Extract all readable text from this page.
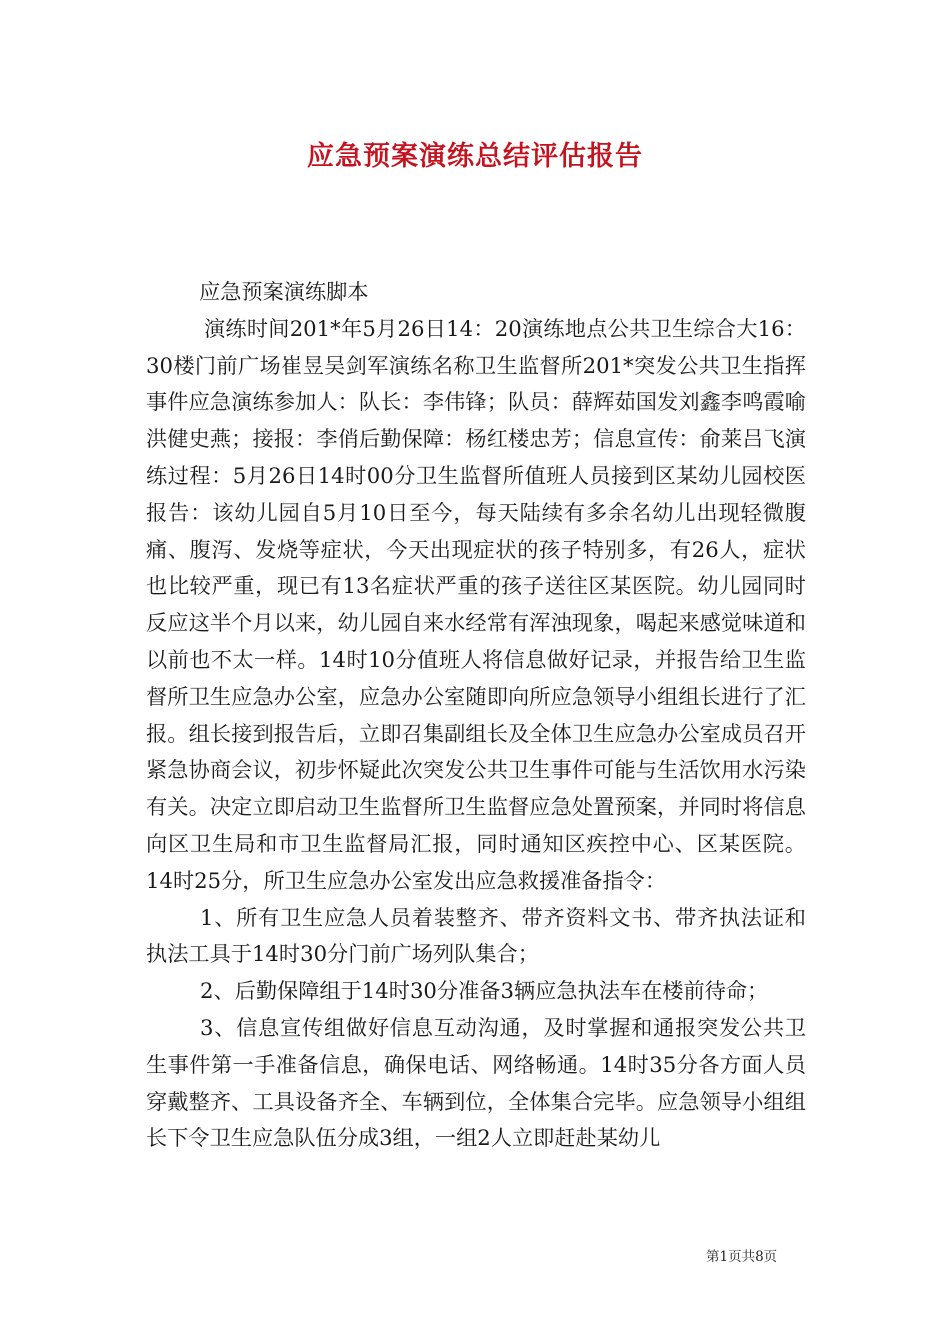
应急预案演练总结评估报告

应急预案演练脚本

演练时间201*年5月26日14：20演练地点公共卫生综合大16：30楼门前广场崔昱吴剑军演练名称卫生监督所201*突发公共卫生指挥事件应急演练参加人：队长：李伟锋；队员：薛辉茹国发刘鑫李鸣霞喻洪健史燕；接报：李俏后勤保障：杨红楼忠芳；信息宣传：俞莱吕飞演练过程：5月26日14时00分卫生监督所值班人员接到区某幼儿园校医报告：该幼儿园自5月10日至今，每天陆续有多余名幼儿出现轻微腹痛、腹泻、发烧等症状，今天出现症状的孩子特别多，有26人，症状也比较严重，现已有13名症状严重的孩子送往区某医院。幼儿园同时反应这半个月以来，幼儿园自来水经常有浑浊现象，喝起来感觉味道和以前也不太一样。14时10分值班人将信息做好记录，并报告给卫生监督所卫生应急办公室，应急办公室随即向所应急领导小组组长进行了汇报。组长接到报告后，立即召集副组长及全体卫生应急办公室成员召开紧急协商会议，初步怀疑此次突发公共卫生事件可能与生活饮用水污染有关。决定立即启动卫生监督所卫生监督应急处置预案，并同时将信息向区卫生局和市卫生监督局汇报，同时通知区疾控中心、区某医院。14时25分，所卫生应急办公室发出应急救援准备指令：

1、所有卫生应急人员着装整齐、带齐资料文书、带齐执法证和执法工具于14时30分门前广场列队集合；

2、后勤保障组于14时30分准备3辆应急执法车在楼前待命；

3、信息宣传组做好信息互动沟通，及时掌握和通报突发公共卫生事件第一手准备信息，确保电话、网络畅通。14时35分各方面人员穿戴整齐、工具设备齐全、车辆到位，全体集合完毕。应急领导小组组长下令卫生应急队伍分成3组，一组2人立即赶赴某幼儿

第1页共8页
